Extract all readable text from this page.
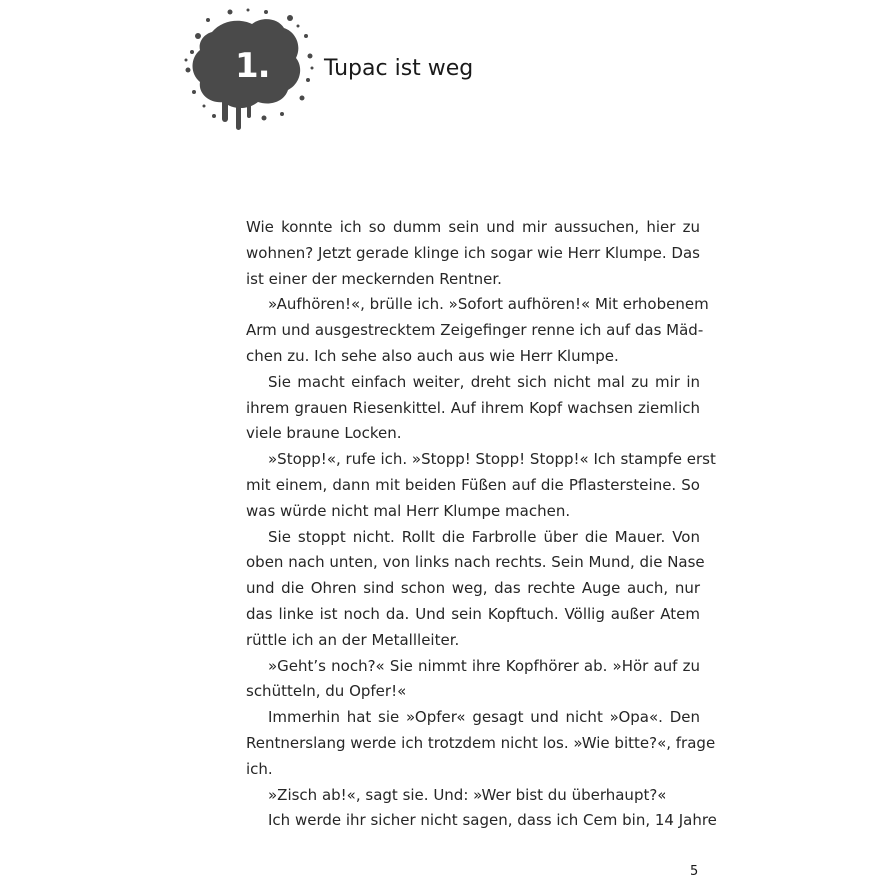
1. Tupac ist weg
Wie konnte ich so dumm sein und mir aussuchen, hier zu
wohnen? Jetzt gerade klinge ich sogar wie Herr Klumpe. Das
ist einer der meckernden Rentner.
»Aufhören!«, brülle ich. »Sofort aufhören!« Mit erhobenem
Arm und ausgestrecktem Zeigefinger renne ich auf das Mäd-
chen zu. Ich sehe also auch aus wie Herr Klumpe.
Sie macht einfach weiter, dreht sich nicht mal zu mir in
ihrem grauen Riesenkittel. Auf ihrem Kopf wachsen ziemlich
viele braune Locken.
»Stopp!«, rufe ich. »Stopp! Stopp! Stopp!« Ich stampfe erst
mit einem, dann mit beiden Füßen auf die Pflastersteine. So
was würde nicht mal Herr Klumpe machen.
Sie stoppt nicht. Rollt die Farbrolle über die Mauer. Von
oben nach unten, von links nach rechts. Sein Mund, die Nase
und die Ohren sind schon weg, das rechte Auge auch, nur
das linke ist noch da. Und sein Kopftuch. Völlig außer Atem
rüttle ich an der Metallleiter.
»Geht’s noch?« Sie nimmt ihre Kopfhörer ab. »Hör auf zu
schütteln, du Opfer!«
Immerhin hat sie »Opfer« gesagt und nicht »Opa«. Den
Rentnerslang werde ich trotzdem nicht los. »Wie bitte?«, frage
ich.
»Zisch ab!«, sagt sie. Und: »Wer bist du überhaupt?«
Ich werde ihr sicher nicht sagen, dass ich Cem bin, 14 Jahre
5
